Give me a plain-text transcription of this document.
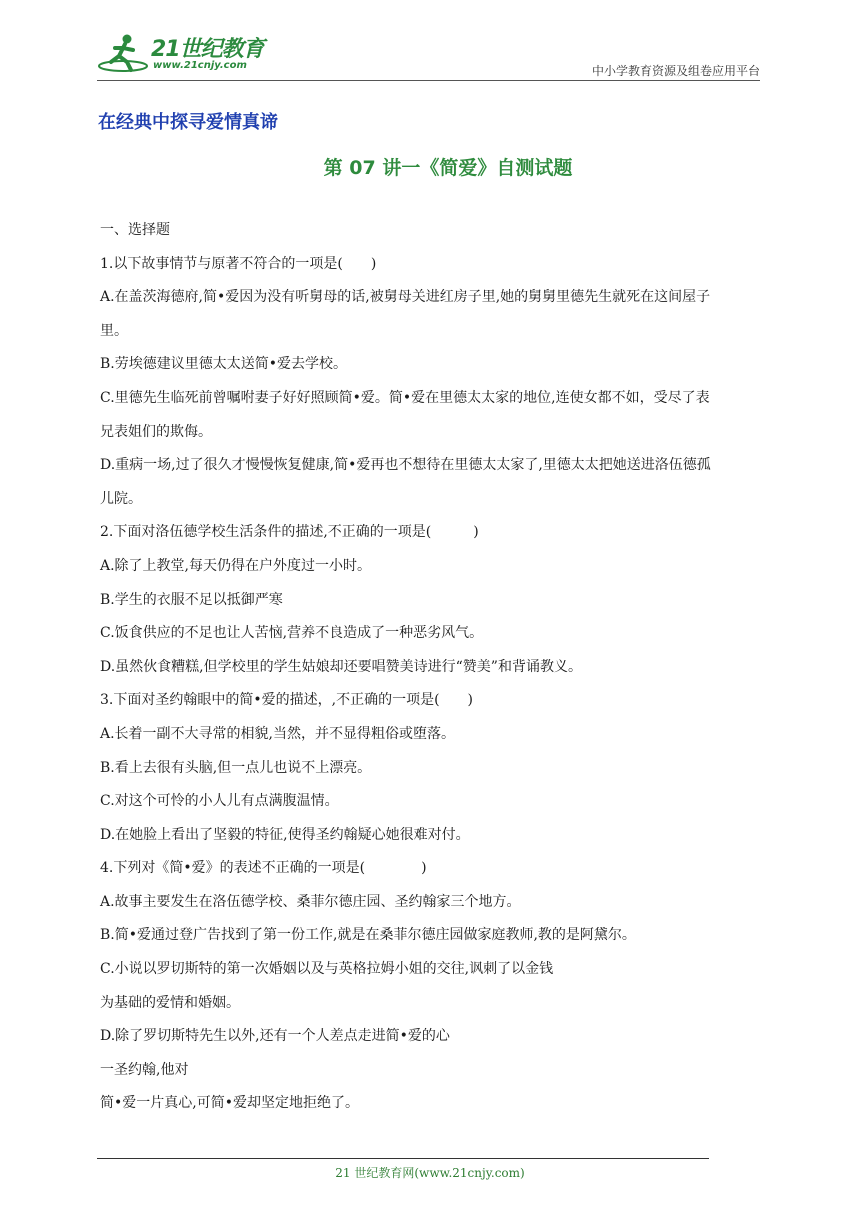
21世纪教育
www.21cnjy.com	中小学教育资源及组卷应用平台
在经典中探寻爱情真谛
第 07 讲一《简爱》自测试题
一、选择题
1.以下故事情节与原著不符合的一项是(　　)
A.在盖茨海德府,简•爱因为没有听舅母的话,被舅母关进红房子里,她的舅舅里德先生就死在这间屋子
里。
B.劳埃德建议里德太太送简•爱去学校。
C.里德先生临死前曾嘱咐妻子好好照顾简•爱。简•爱在里德太太家的地位,连使女都不如，受尽了表
兄表姐们的欺侮。
D.重病一场,过了很久才慢慢恢复健康,简•爱再也不想待在里德太太家了,里德太太把她送进洛伍德孤
儿院。
2.下面对洛伍德学校生活条件的描述,不正确的一项是(　　　)
A.除了上教堂,每天仍得在户外度过一小时。
B.学生的衣服不足以抵御严寒
C.饭食供应的不足也让人苦恼,营养不良造成了一种恶劣风气。
D.虽然伙食糟糕,但学校里的学生姑娘却还要唱赞美诗进行“赞美”和背诵教义。
3.下面对圣约翰眼中的简•爱的描述，,不正确的一项是(　　)
A.长着一副不大寻常的相貌,当然，并不显得粗俗或堕落。
B.看上去很有头脑,但一点儿也说不上漂亮。
C.对这个可怜的小人儿有点满腹温情。
D.在她脸上看出了坚毅的特征,使得圣约翰疑心她很难对付。
4.下列对《简•爱》的表述不正确的一项是(　　　　)
A.故事主要发生在洛伍德学校、桑菲尔德庄园、圣约翰家三个地方。
B.简•爱通过登广告找到了第一份工作,就是在桑菲尔德庄园做家庭教师,教的是阿黛尔。
C.小说以罗切斯特的第一次婚姻以及与英格拉姆小姐的交往,讽刺了以金钱
为基础的爱情和婚姻。
D.除了罗切斯特先生以外,还有一个人差点走进简•爱的心
一圣约翰,他对
简•爱一片真心,可简•爱却坚定地拒绝了。
21 世纪教育网(www.21cnjy.com)
